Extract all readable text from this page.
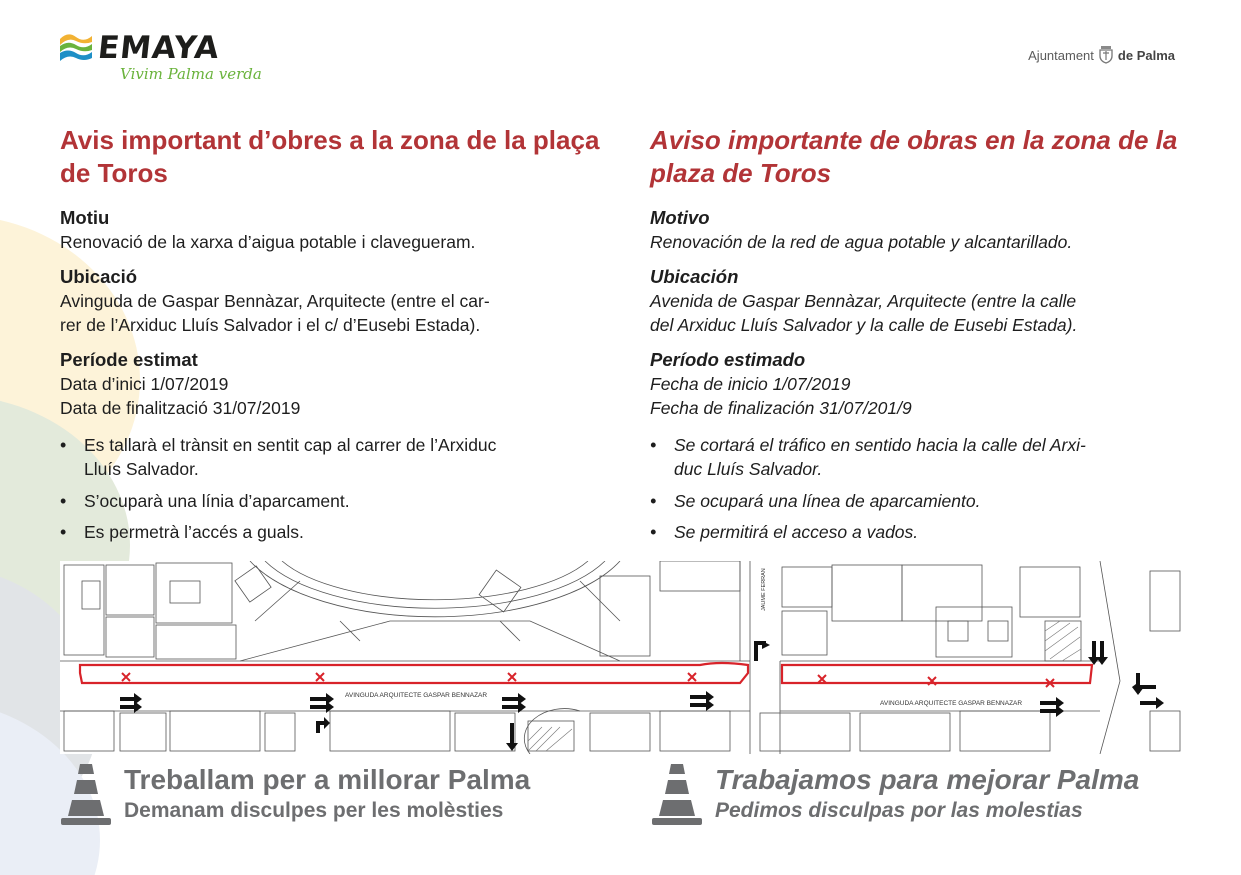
EMAYA
Vivim Palma verda
Ajuntament de Palma
Avis important d’obres a la zona de la plaça de Toros
Motiu
Renovació de la xarxa d’aigua potable i clavegueram.
Ubicació
Avinguda de Gaspar Bennàzar, Arquitecte (entre el car-
rer de l’Arxiduc Lluís Salvador i el c/ d’Eusebi Estada).
Període estimat
Data d’inici 1/07/2019
Data de finalització 31/07/2019
• Es tallarà el trànsit en sentit cap al carrer de l’Arxiduc
Lluís Salvador.
• S’ocuparà una línia d’aparcament.
• Es permetrà l’accés a guals.
Aviso importante de obras en la zona de la plaza de Toros
Motivo
Renovación de la red de agua potable y alcantarillado.
Ubicación
Avenida de Gaspar Bennàzar, Arquitecte (entre la calle
del Arxiduc Lluís Salvador y la calle de Eusebi Estada).
Período estimado
Fecha de inicio 1/07/2019
Fecha de finalización 31/07/201/9
• Se cortará el tráfico en sentido hacia la calle del Arxi-
duc Lluís Salvador.
• Se ocupará una línea de aparcamiento.
• Se permitirá el acceso a vados.
AVINGUDA ARQUITECTE GASPAR BENNAZAR
AVINGUDA ARQUITECTE GASPAR BENNAZAR
JAUME FERRAN
Treballam per a millorar Palma
Demanam disculpes per les molèsties
Trabajamos para mejorar Palma
Pedimos disculpas por las molestias
